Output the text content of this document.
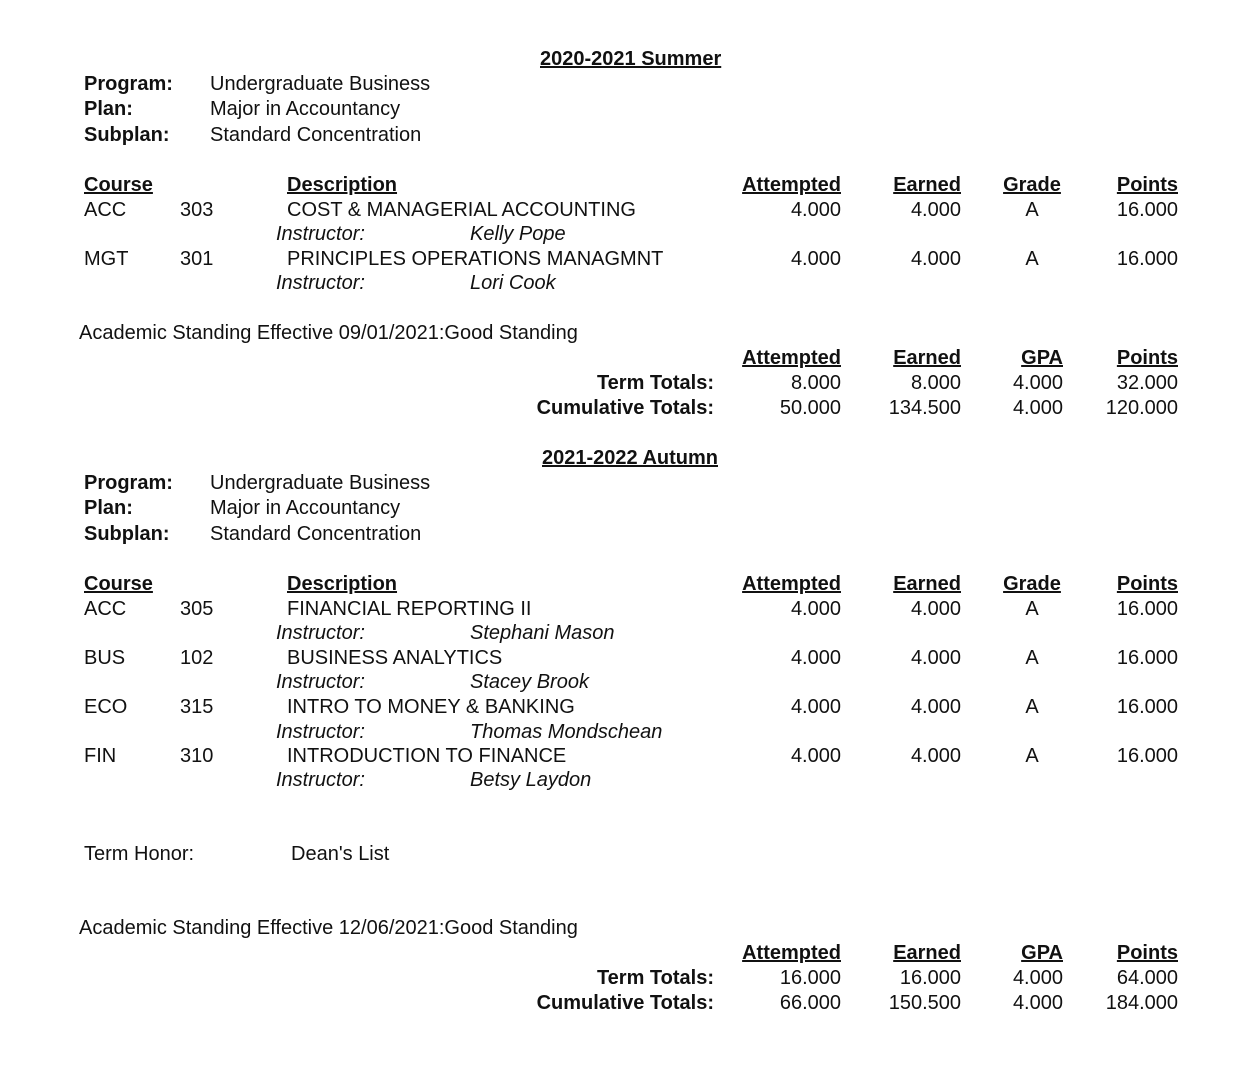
2020-2021 Summer
Program: Undergraduate Business
Plan:	Major in Accountancy
Subplan: Standard Concentration
Course	Description	Attempted	Earned Grade	Points
ACC	303	COST & MANAGERIAL ACCOUNTING	4.000	4.000	A	16.000
Instructor:	Kelly Pope
MGT	301	PRINCIPLES OPERATIONS MANAGMNT	4.000	4.000	A	16.000
Instructor:	Lori Cook
Academic Standing Effective 09/01/2021:Good Standing
Attempted	Earned	GPA	Points
Term Totals:	8.000	8.000	4.000	32.000
Cumulative Totals:	50.000 134.500	4.000 120.000
2021-2022 Autumn
Program: Undergraduate Business
Plan:	Major in Accountancy
Subplan: Standard Concentration
Course	Description	Attempted	Earned Grade	Points
ACC	305	FINANCIAL REPORTING II	4.000	4.000	A	16.000
Instructor:	Stephani Mason
BUS	102	BUSINESS ANALYTICS	4.000	4.000	A	16.000
Instructor:	Stacey Brook
ECO	315	INTRO TO MONEY & BANKING	4.000	4.000	A	16.000
Instructor:	Thomas Mondschean
FIN	310	INTRODUCTION TO FINANCE	4.000	4.000	A	16.000
Instructor:	Betsy Laydon
Term Honor:	Dean's List
Academic Standing Effective 12/06/2021:Good Standing
Attempted	Earned	GPA	Points
Term Totals:	16.000	16.000	4.000	64.000
Cumulative Totals:	66.000 150.500	4.000 184.000
